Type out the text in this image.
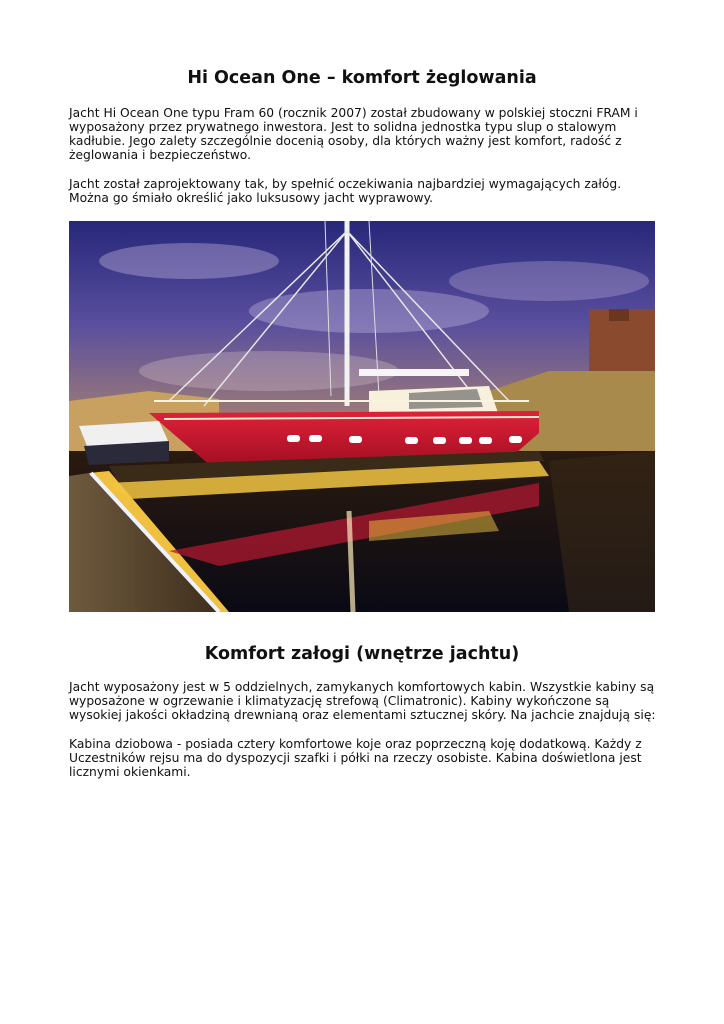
Hi Ocean One – komfort żeglowania

Jacht Hi Ocean One typu Fram 60 (rocznik 2007) został zbudowany w polskiej stoczni FRAM i wyposażony przez prywatnego inwestora. Jest to solidna jednostka typu slup o stalowym kadłubie. Jego zalety szczególnie docenią osoby, dla których ważny jest komfort, radość z żeglowania i bezpieczeństwo.

Jacht został zaprojektowany tak, by spełnić oczekiwania najbardziej wymagających załóg. Można go śmiało określić jako luksusowy jacht wyprawowy.

Komfort załogi (wnętrze jachtu)

Jacht wyposażony jest w 5 oddzielnych, zamykanych komfortowych kabin. Wszystkie kabiny są wyposażone w ogrzewanie i klimatyzację strefową (Climatronic). Kabiny wykończone są wysokiej jakości okładziną drewnianą oraz elementami sztucznej skóry. Na jachcie znajdują się:

Kabina dziobowa - posiada cztery komfortowe koje oraz poprzeczną koję dodatkową. Każdy z Uczestników rejsu ma do dyspozycji szafki i półki na rzeczy osobiste. Kabina doświetlona jest licznymi okienkami.
